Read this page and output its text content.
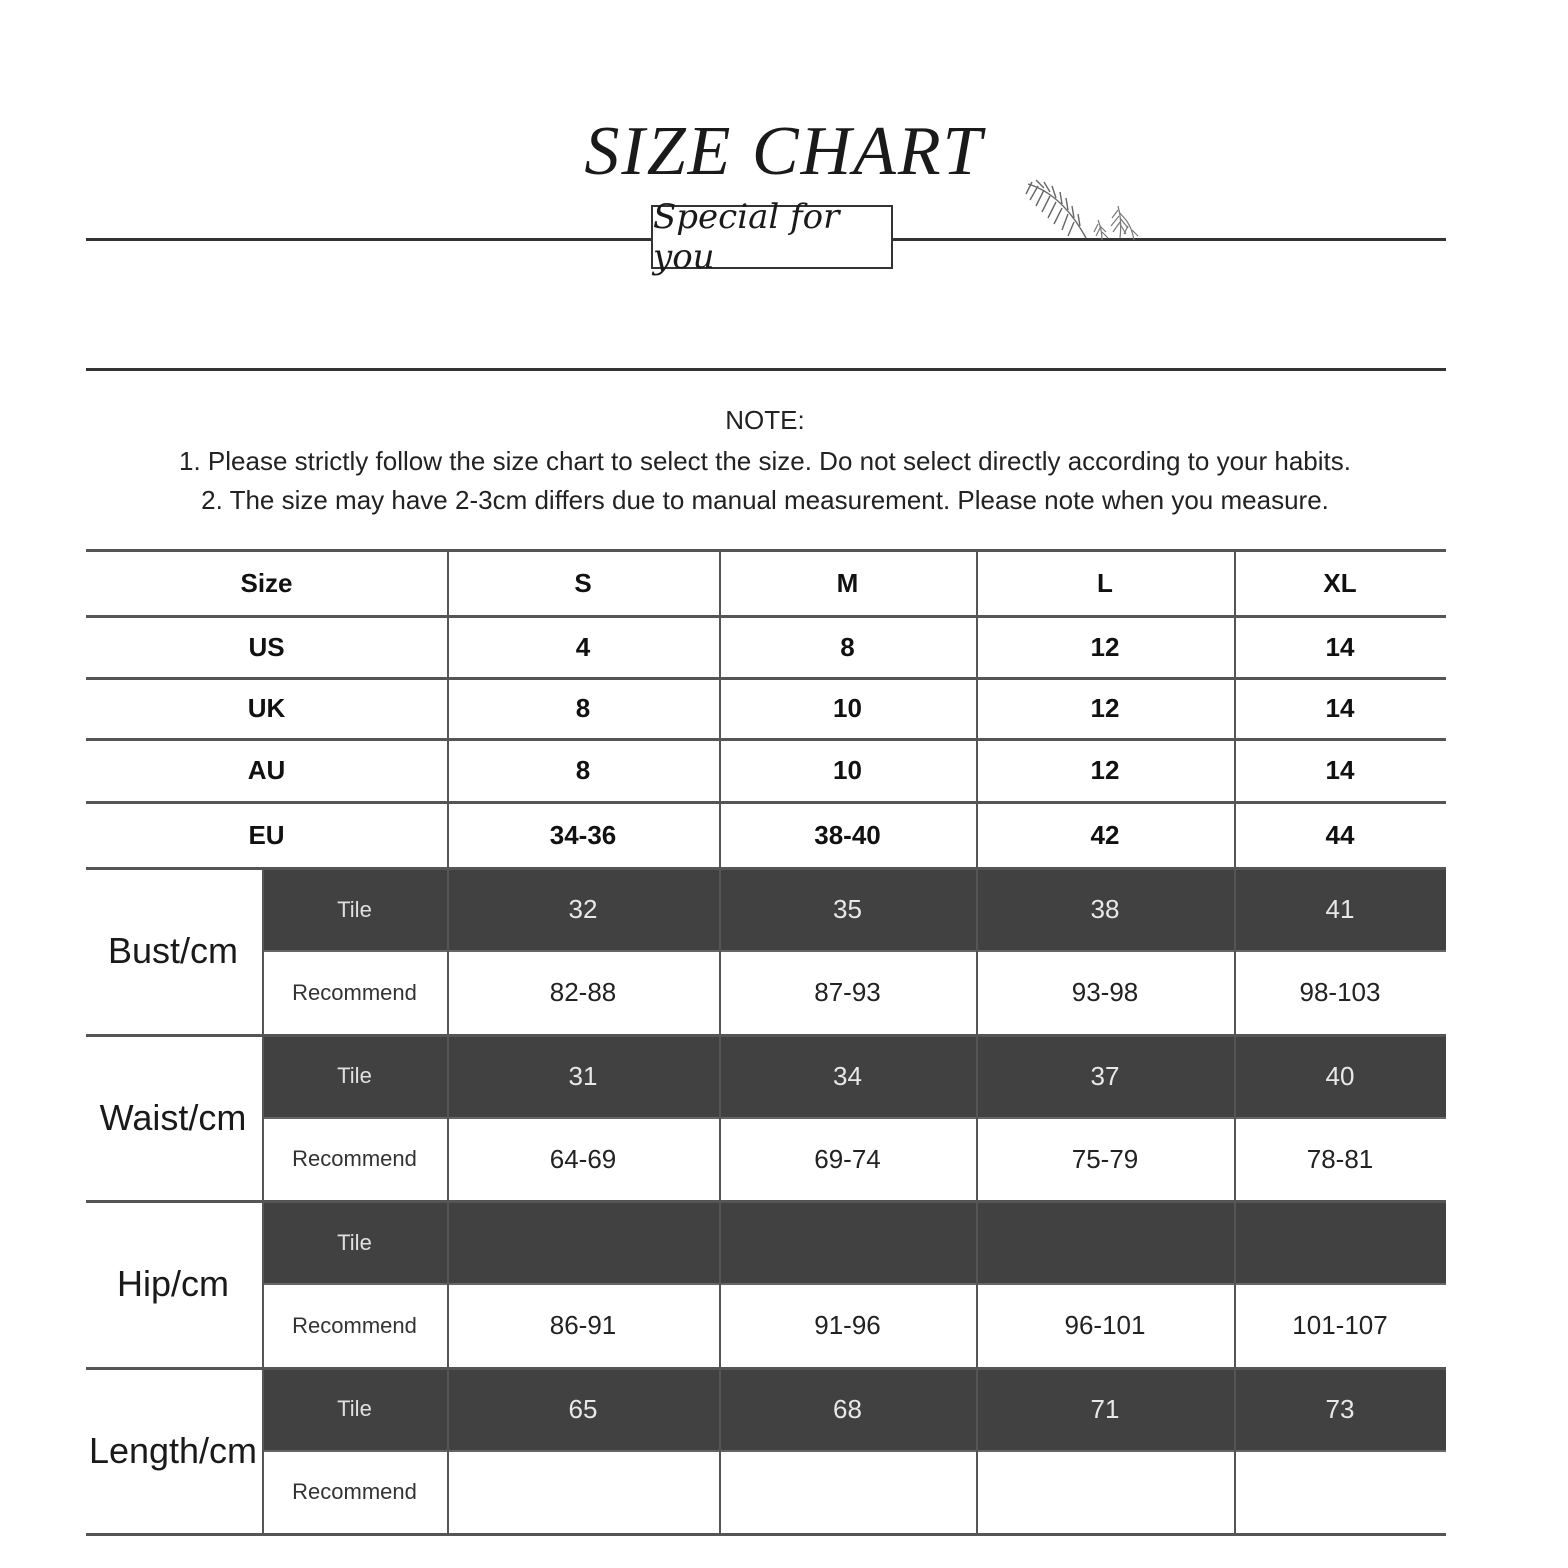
SIZE CHART
Special for you
NOTE:
1. Please strictly follow the size chart to select the size. Do not select directly according to your habits.
2. The size may have 2-3cm differs due to manual measurement. Please note when you measure.
Size	S	M	L	XL
US	4	8	12	14
UK	8	10	12	14
AU	8	10	12	14
EU	34-36	38-40	42	44
Bust/cm
Tile	32	35	38	41
Recommend	82-88	87-93	93-98	98-103
Waist/cm
Tile	31	34	37	40
Recommend	64-69	69-74	75-79	78-81
Hip/cm
Tile
Recommend	86-91	91-96	96-101	101-107
Length/cm
Tile	65	68	71	73
Recommend
